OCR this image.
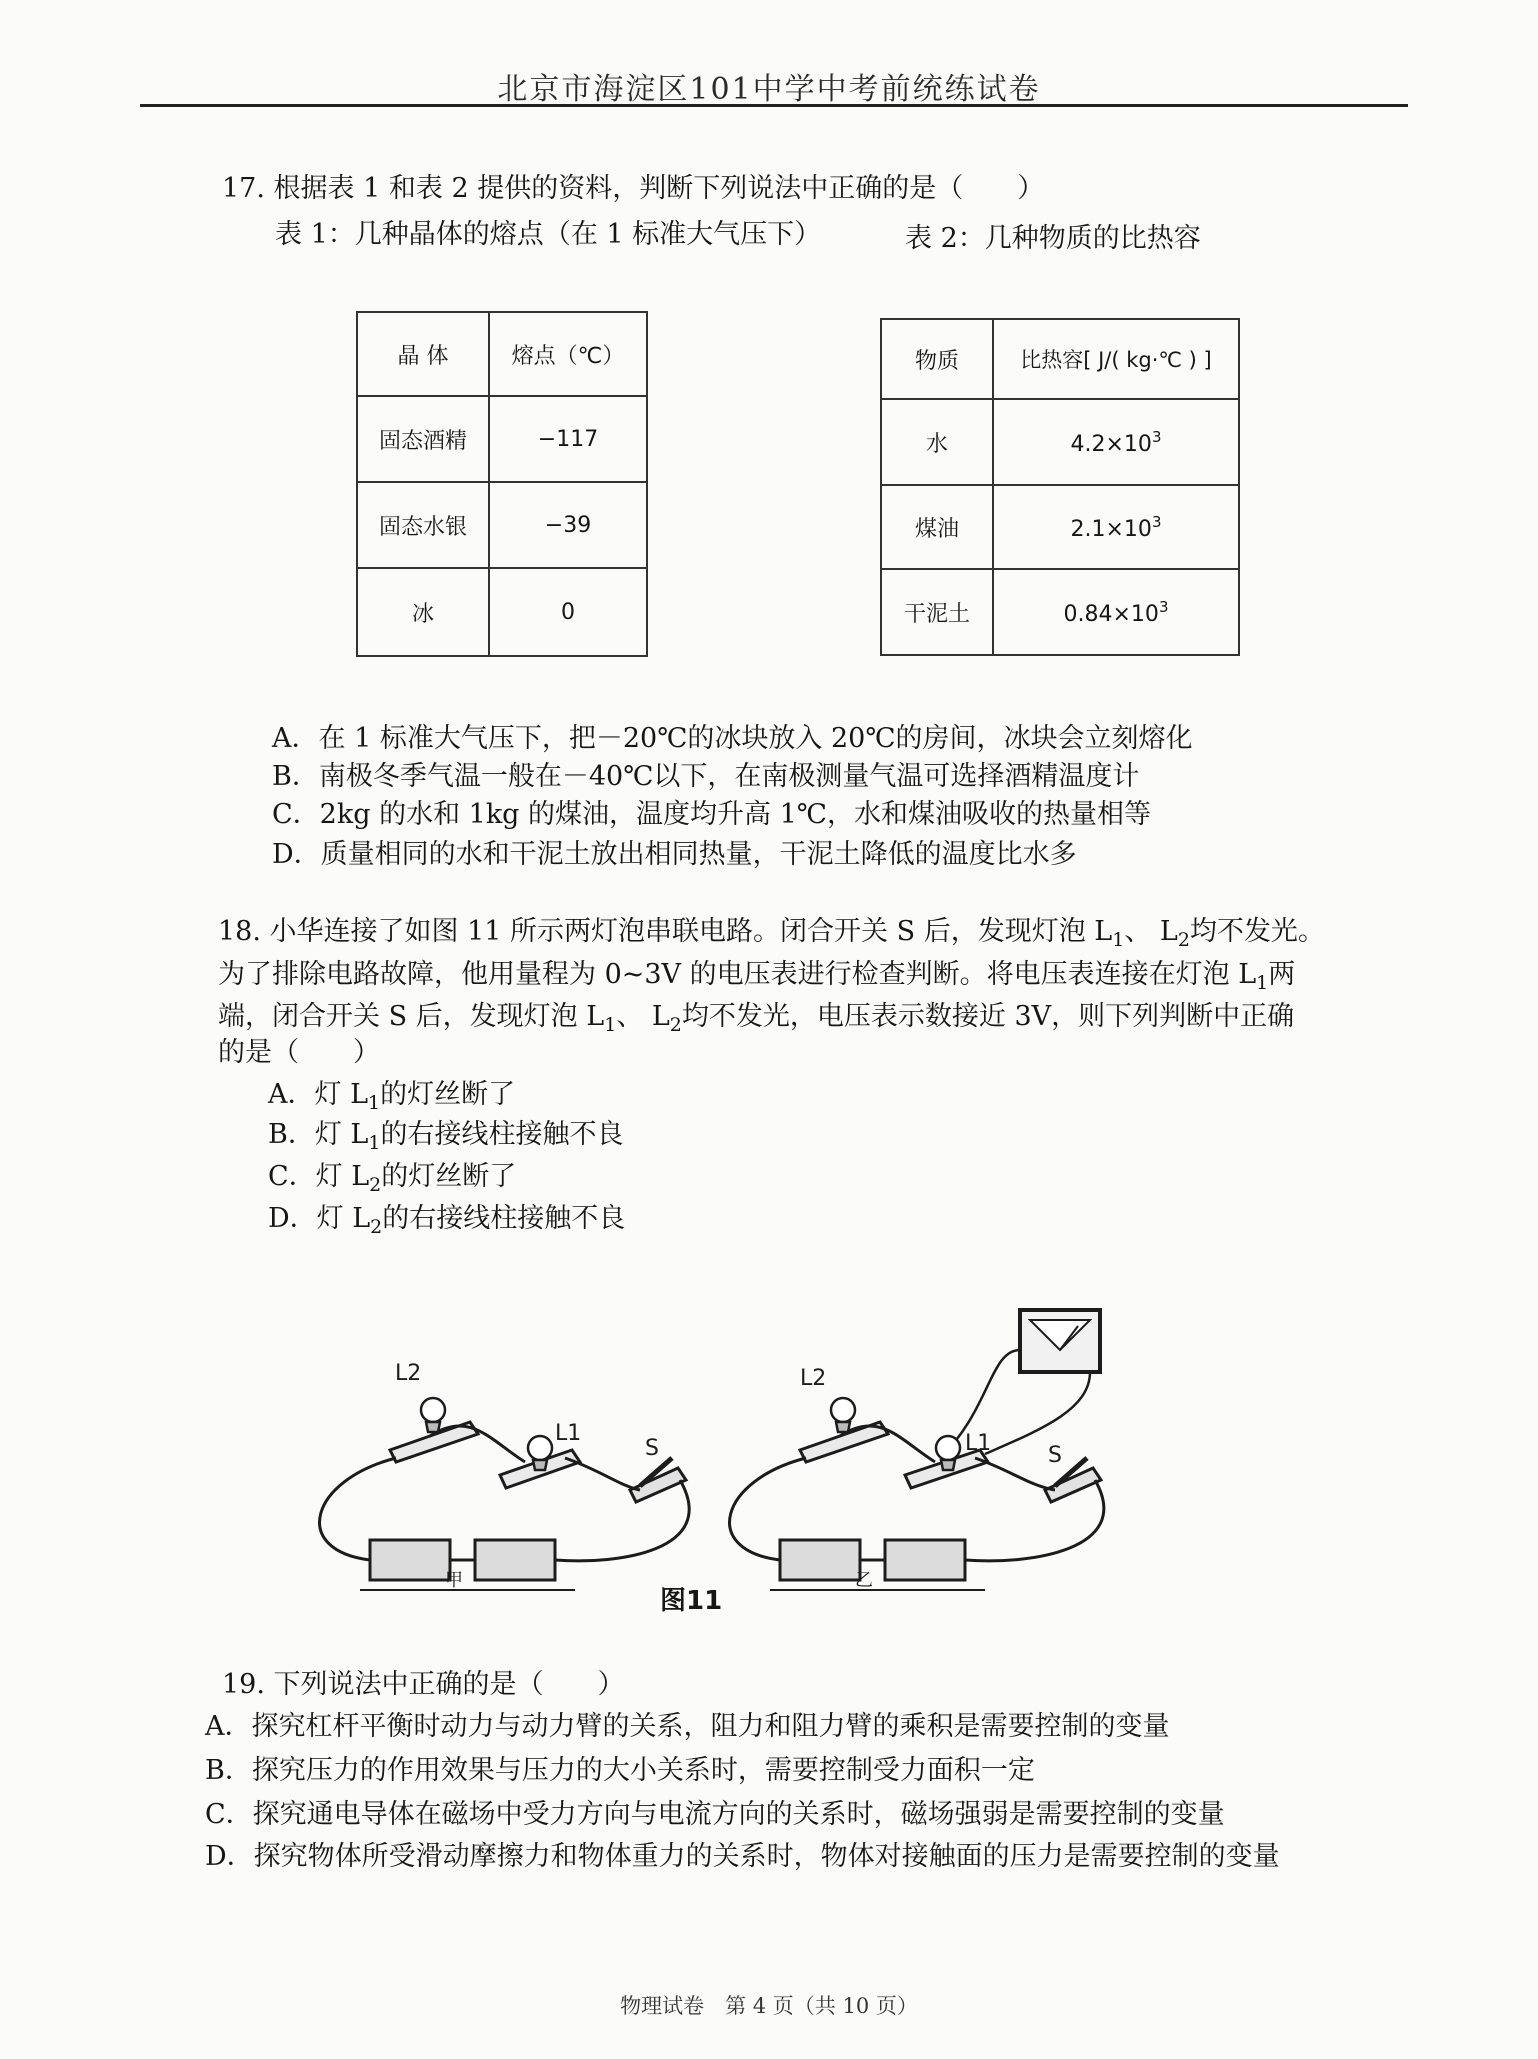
北京市海淀区101中学中考前统练试卷
17. 根据表 1 和表 2 提供的资料，判断下列说法中正确的是（　　）
表 1：几种晶体的熔点（在 1 标准大气压下）	表 2：几种物质的比热容
晶 体	熔点（℃）
固态酒精	−117
固态水银	−39
冰	0
物质	比热容[ J/( kg·℃ ) ]
水	$4.2\times 10^3$
煤油	$2.1\times 10^3$
干泥土	$0.84\times 10^3$
A．在 1 标准大气压下，把－20℃的冰块放入 20℃的房间，冰块会立刻熔化
B．南极冬季气温一般在－40℃以下，在南极测量气温可选择酒精温度计
C．2kg 的水和 1kg 的煤油，温度均升高 1℃，水和煤油吸收的热量相等
D．质量相同的水和干泥土放出相同热量，干泥土降低的温度比水多
18. 小华连接了如图 11 所示两灯泡串联电路。闭合开关 S 后，发现灯泡 $L_1$、 $L_2$均不发光。
为了排除电路故障，他用量程为 0~3V 的电压表进行检查判断。将电压表连接在灯泡 $L_1$两
端，闭合开关 S 后，发现灯泡 $L_1$、 $L_2$均不发光，电压表示数接近 3V，则下列判断中正确
的是（　　）
A．灯 $L_1$的灯丝断了
B．灯 $L_1$的右接线柱接触不良
C．灯 $L_2$的灯丝断了
D．灯 $L_2$的右接线柱接触不良
L2
L1
S
L2
L1	S
甲	乙
图11
19. 下列说法中正确的是（　　）
A．探究杠杆平衡时动力与动力臂的关系，阻力和阻力臂的乘积是需要控制的变量
B．探究压力的作用效果与压力的大小关系时，需要控制受力面积一定
C．探究通电导体在磁场中受力方向与电流方向的关系时，磁场强弱是需要控制的变量
D．探究物体所受滑动摩擦力和物体重力的关系时，物体对接触面的压力是需要控制的变量
物理试卷　第 4 页（共 10 页）
